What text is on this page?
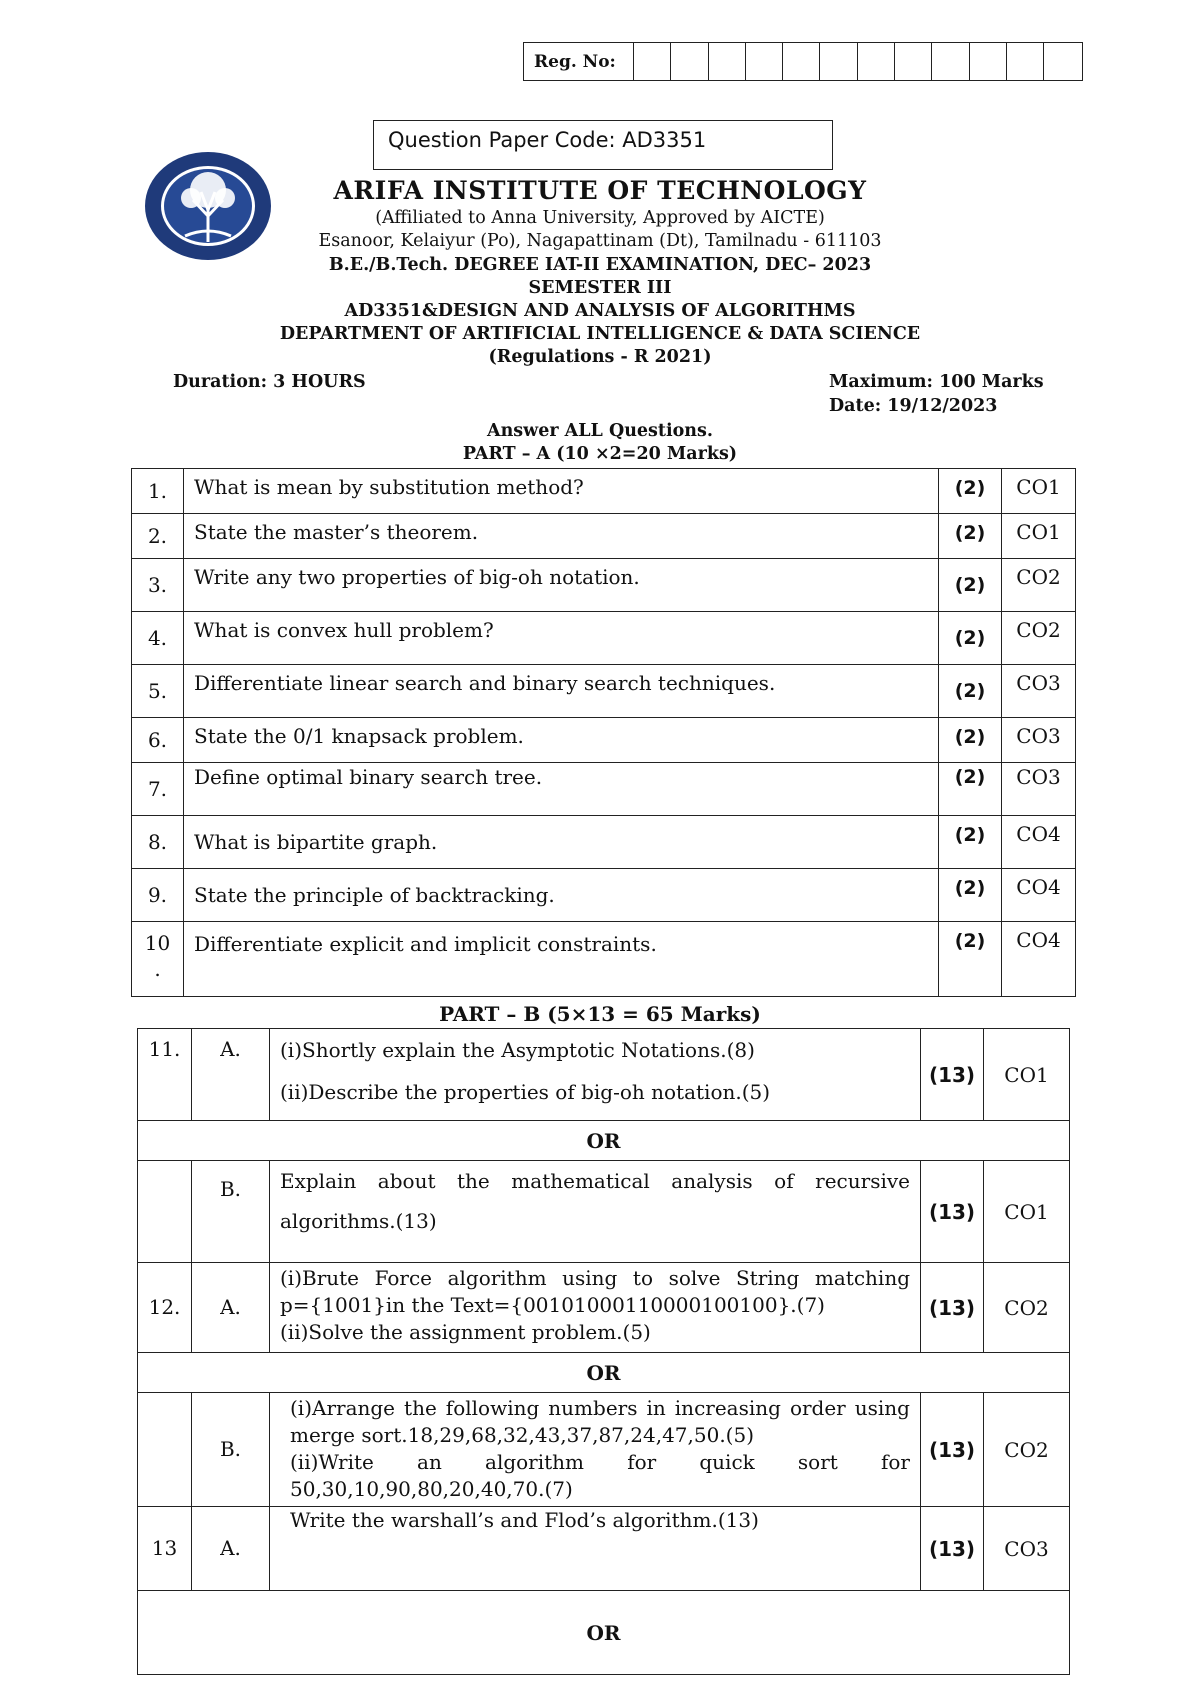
Reg. No:
Question Paper Code: AD3351
ARIFA INSTITUTE OF TECHNOLOGY
(Affiliated to Anna University, Approved by AICTE)
Esanoor, Kelaiyur (Po), Nagapattinam (Dt), Tamilnadu - 611103
B.E./B.Tech. DEGREE IAT-II EXAMINATION, DEC– 2023
SEMESTER III
AD3351&DESIGN AND ANALYSIS OF ALGORITHMS
DEPARTMENT OF ARTIFICIAL INTELLIGENCE & DATA SCIENCE
(Regulations - R 2021)
Duration: 3 HOURS	Maximum: 100 Marks
Date: 19/12/2023
Answer ALL Questions.
PART – A (10 ×2=20 Marks)
1.	What is mean by substitution method?	(2)	CO1
2.	State the master’s theorem.	(2)	CO1
3.	Write any two properties of big-oh notation.	(2)	CO2
4.	What is convex hull problem?	(2)	CO2
5.	Differentiate linear search and binary search techniques.	(2)	CO3
6.	State the 0/1 knapsack problem.	(2)	CO3
7.	Define optimal binary search tree.	(2)	CO3
8.	What is bipartite graph.	(2)	CO4
9.	State the principle of backtracking.	(2)	CO4
10
.	Differentiate explicit and implicit constraints.	(2)	CO4
PART – B (5×13 = 65 Marks)
11.	A.	(i)Shortly explain the Asymptotic Notations.(8)
(ii)Describe the properties of big-oh notation.(5)	(13)	CO1
OR				
	B.	Explain about the mathematical analysis of recursive
algorithms.(13)	(13)	CO1
12.	A.	(i)Brute Force algorithm using to solve String matching
p={1001}in the Text={00101000110000100100}.(7)
(ii)Solve the assignment problem.(5)	(13)	CO2
OR				
	B.	(i)Arrange the following numbers in increasing order using
merge sort.18,29,68,32,43,37,87,24,47,50.(5)
(ii)Write an algorithm for quick sort for
50,30,10,90,80,20,40,70.(7)	(13)	CO2
13	A.	Write the warshall’s and Flod’s algorithm.(13)	(13)	CO3
OR				
